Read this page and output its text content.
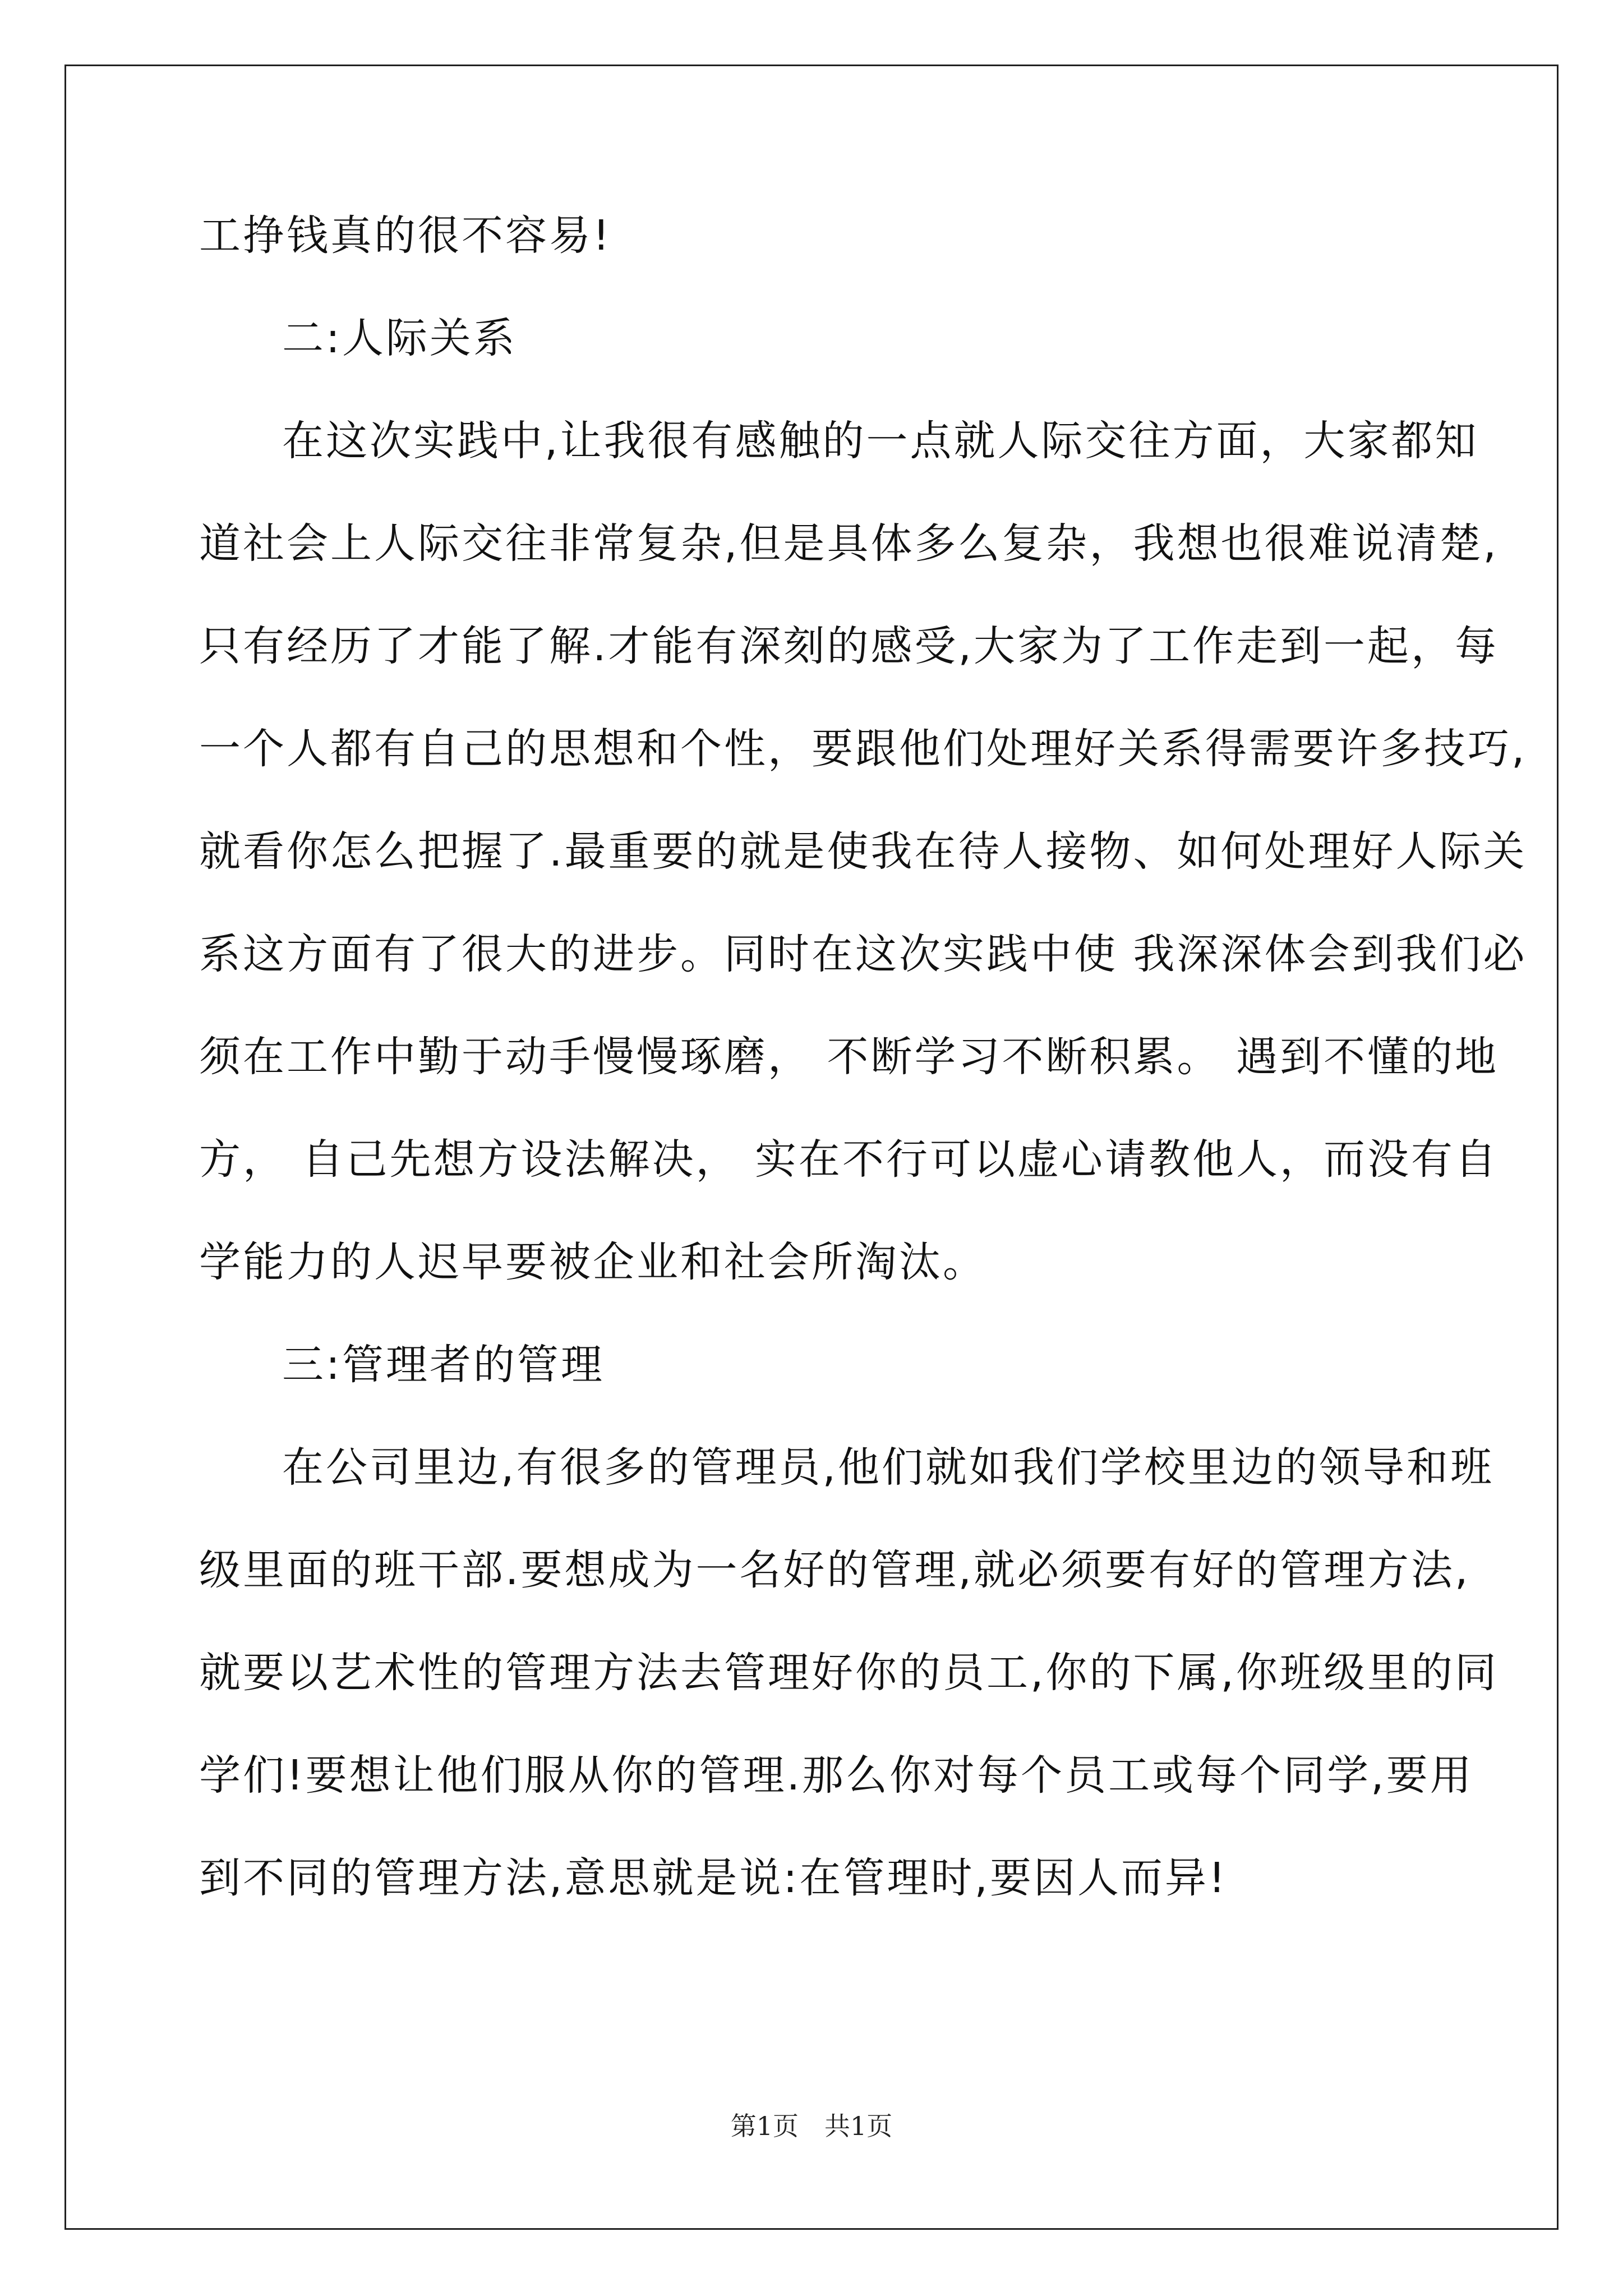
工挣钱真的很不容易!
二:人际关系
在这次实践中,让我很有感触的一点就人际交往方面，大家都知
道社会上人际交往非常复杂,但是具体多么复杂，我想也很难说清楚,
只有经历了才能了解.才能有深刻的感受,大家为了工作走到一起，每
一个人都有自己的思想和个性，要跟他们处理好关系得需要许多技巧,
就看你怎么把握了.最重要的就是使我在待人接物、如何处理好人际关
系这方面有了很大的进步。同时在这次实践中使 我深深体会到我们必
须在工作中勤于动手慢慢琢磨， 不断学习不断积累。 遇到不懂的地
方， 自己先想方设法解决， 实在不行可以虚心请教他人，而没有自
学能力的人迟早要被企业和社会所淘汰。
三:管理者的管理
在公司里边,有很多的管理员,他们就如我们学校里边的领导和班
级里面的班干部.要想成为一名好的管理,就必须要有好的管理方法,
就要以艺术性的管理方法去管理好你的员工,你的下属,你班级里的同
学们!要想让他们服从你的管理.那么你对每个员工或每个同学,要用
到不同的管理方法,意思就是说:在管理时,要因人而异!
第1页 共1页
